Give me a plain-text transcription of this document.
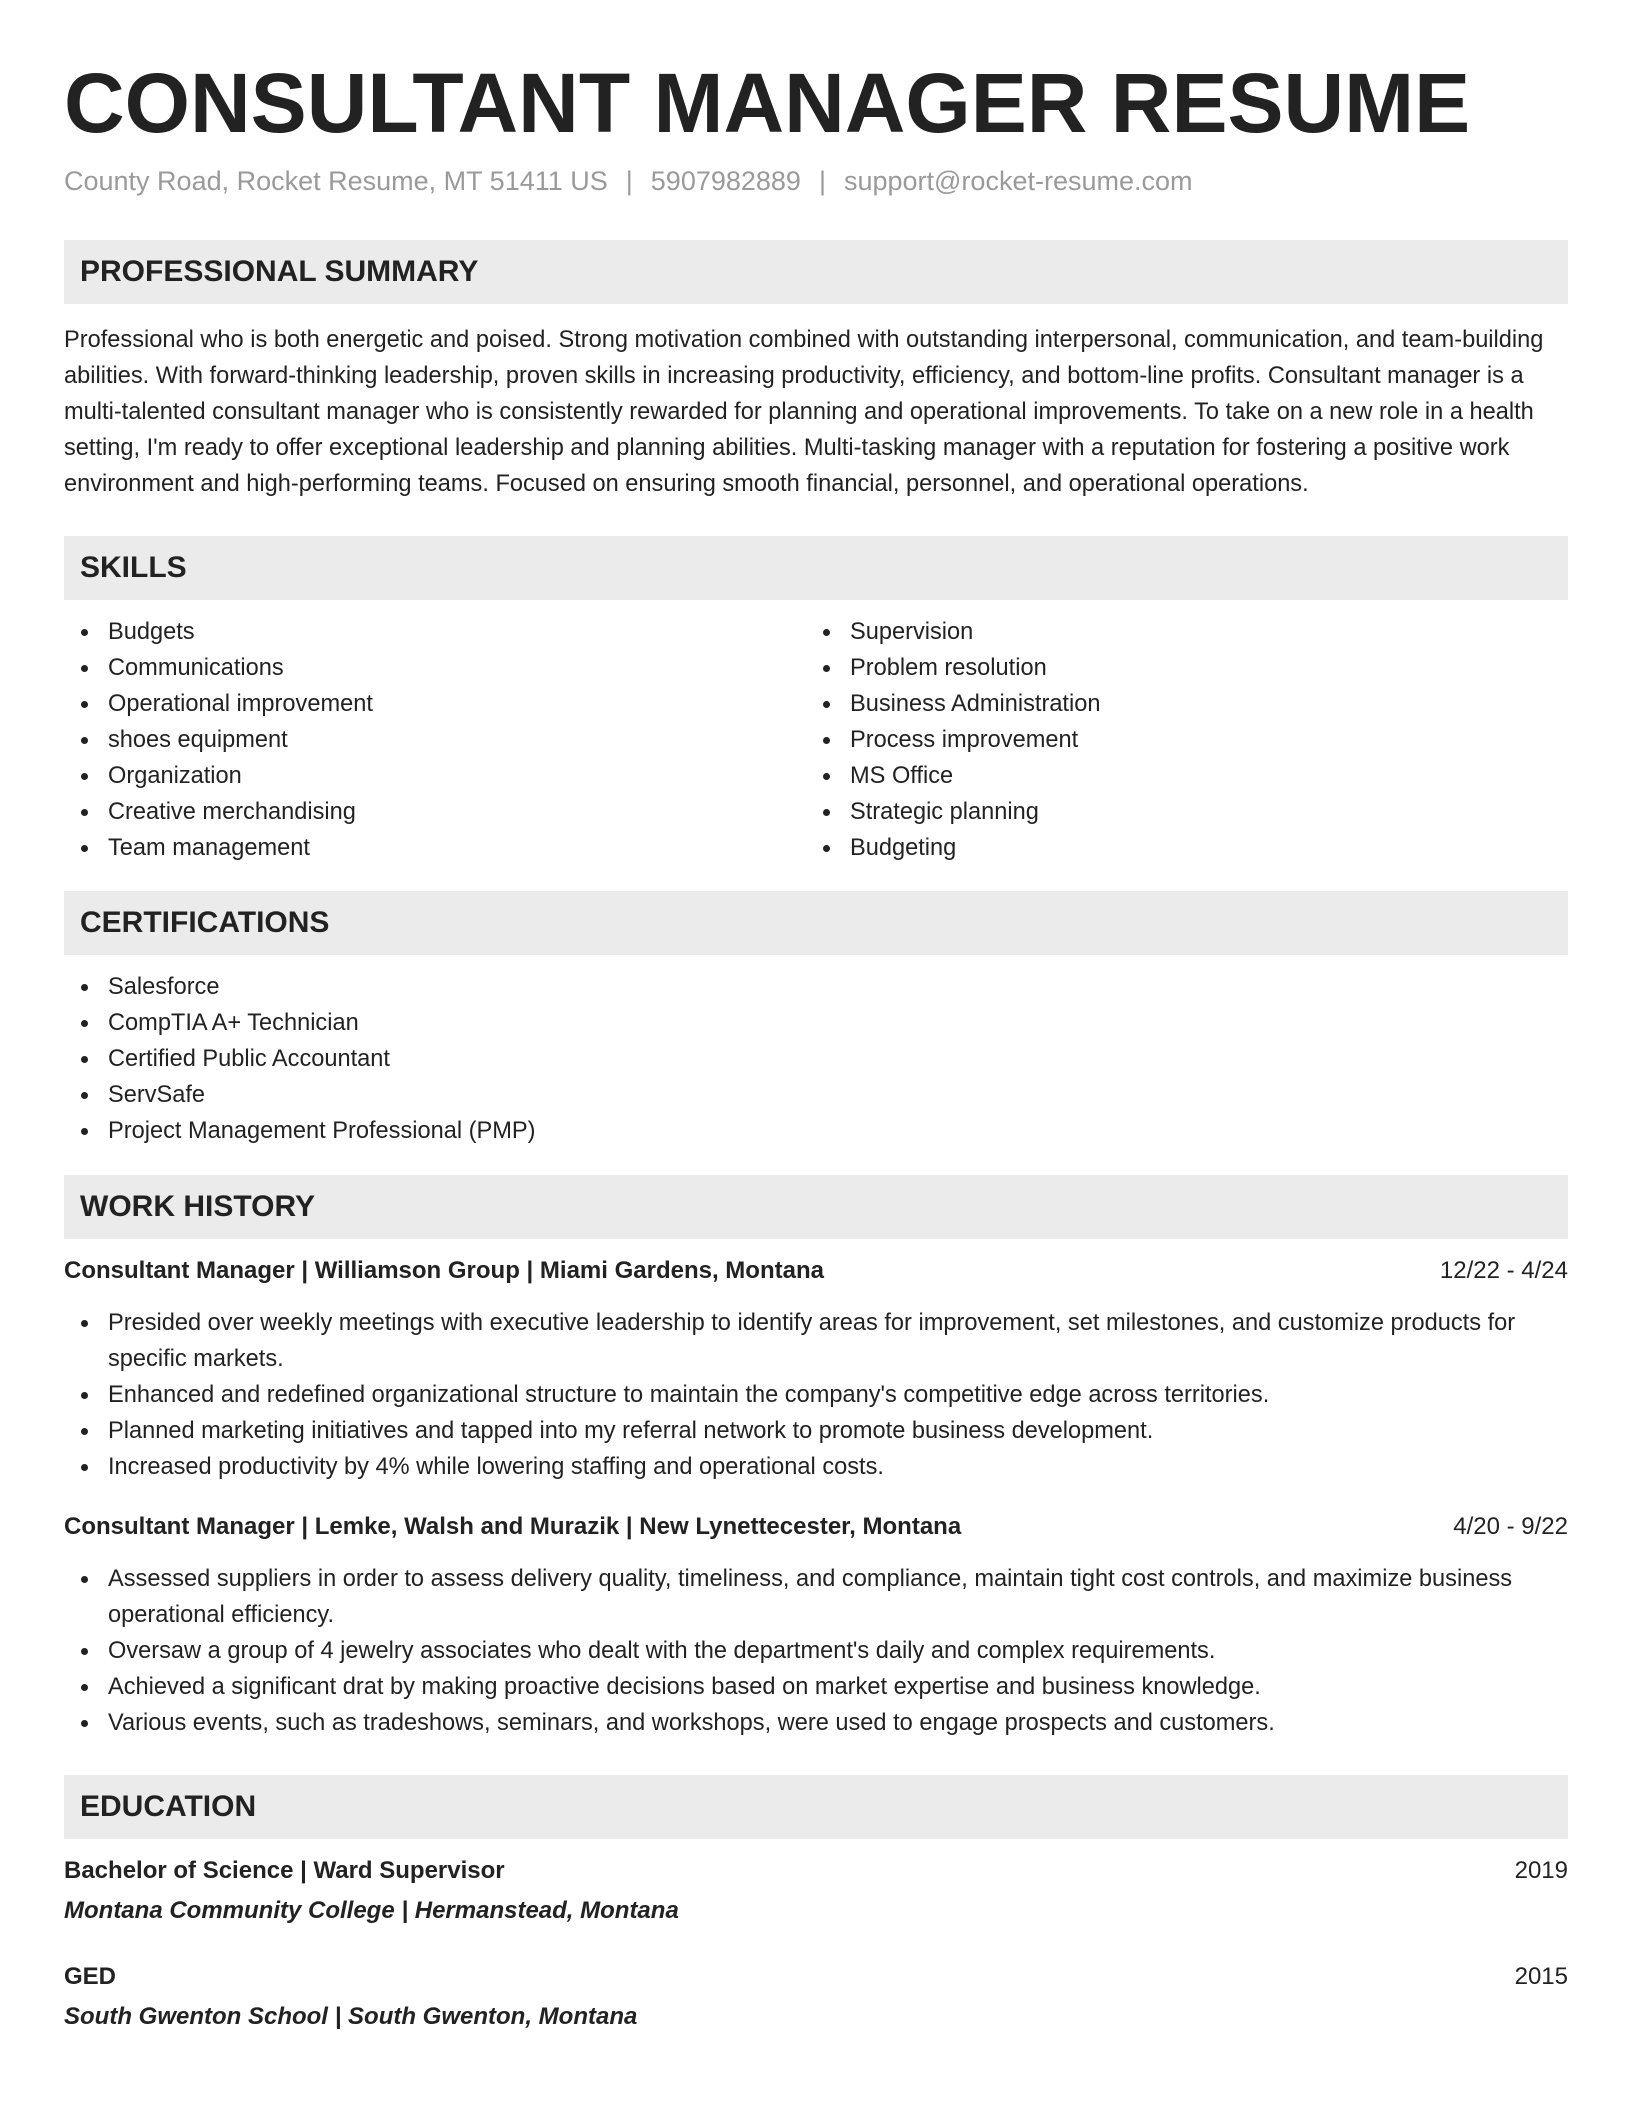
CONSULTANT MANAGER RESUME
County Road, Rocket Resume, MT 51411 US | 5907982889 | support@rocket-resume.com
PROFESSIONAL SUMMARY

Professional who is both energetic and poised. Strong motivation combined with outstanding interpersonal, communication, and team-building abilities. With forward-thinking leadership, proven skills in increasing productivity, efficiency, and bottom-line profits. Consultant manager is a multi-talented consultant manager who is consistently rewarded for planning and operational improvements. To take on a new role in a health setting, I'm ready to offer exceptional leadership and planning abilities. Multi-tasking manager with a reputation for fostering a positive work environment and high-performing teams. Focused on ensuring smooth financial, personnel, and operational operations.

SKILLS
Budgets
Communications
Operational improvement
shoes equipment
Organization
Creative merchandising
Team management
Supervision
Problem resolution
Business Administration
Process improvement
MS Office
Strategic planning
Budgeting
CERTIFICATIONS
Salesforce
CompTIA A+ Technician
Certified Public Accountant
ServSafe
Project Management Professional (PMP)
WORK HISTORY
Consultant Manager | Williamson Group | Miami Gardens, Montana	12/22 - 4/24
Presided over weekly meetings with executive leadership to identify areas for improvement, set milestones, and customize products for specific markets.
Enhanced and redefined organizational structure to maintain the company's competitive edge across territories.
Planned marketing initiatives and tapped into my referral network to promote business development.
Increased productivity by 4% while lowering staffing and operational costs.
Consultant Manager | Lemke, Walsh and Murazik | New Lynettecester, Montana	4/20 - 9/22
Assessed suppliers in order to assess delivery quality, timeliness, and compliance, maintain tight cost controls, and maximize business operational efficiency.
Oversaw a group of 4 jewelry associates who dealt with the department's daily and complex requirements.
Achieved a significant drat by making proactive decisions based on market expertise and business knowledge.
Various events, such as tradeshows, seminars, and workshops, were used to engage prospects and customers.
EDUCATION
Bachelor of Science | Ward Supervisor	2019
Montana Community College | Hermanstead, Montana
GED	2015
South Gwenton School | South Gwenton, Montana
